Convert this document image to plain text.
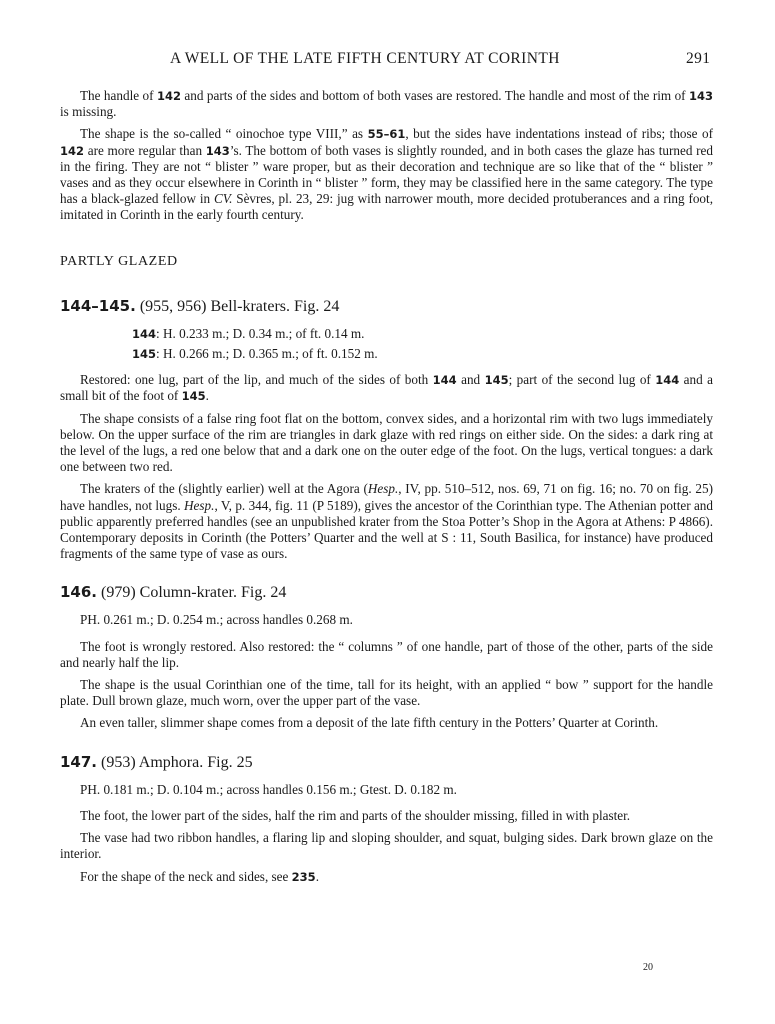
A WELL OF THE LATE FIFTH CENTURY AT CORINTH	291

The handle of 142 and parts of the sides and bottom of both vases are restored. The handle and most of the rim of 143 is missing.

The shape is the so-called “ oinochoe type VIII,” as 55–61, but the sides have indentations instead of ribs; those of 142 are more regular than 143’s. The bottom of both vases is slightly rounded, and in both cases the glaze has turned red in the firing. They are not “ blister ” ware proper, but as their decoration and technique are so like that of the “ blister ” vases and as they occur elsewhere in Corinth in “ blister ” form, they may be classified here in the same category. The type has a black-glazed fellow in CV. Sèvres, pl. 23, 29: jug with narrower mouth, more decided protuberances and a ring foot, imitated in Corinth in the early fourth century.

PARTLY GLAZED
144–145. (955, 956) Bell-kraters. Fig. 24

144: H. 0.233 m.; D. 0.34 m.; of ft. 0.14 m.

145: H. 0.266 m.; D. 0.365 m.; of ft. 0.152 m.

Restored: one lug, part of the lip, and much of the sides of both 144 and 145; part of the second lug of 144 and a small bit of the foot of 145.

The shape consists of a false ring foot flat on the bottom, convex sides, and a horizontal rim with two lugs immediately below. On the upper surface of the rim are triangles in dark glaze with red rings on either side. On the sides: a dark ring at the level of the lugs, a red one below that and a dark one on the outer edge of the foot. On the lugs, vertical tongues: a dark one between two red.

The kraters of the (slightly earlier) well at the Agora (Hesp., IV, pp. 510–512, nos. 69, 71 on fig. 16; no. 70 on fig. 25) have handles, not lugs. Hesp., V, p. 344, fig. 11 (P 5189), gives the ancestor of the Corinthian type. The Athenian potter and public apparently preferred handles (see an unpublished krater from the Stoa Potter’s Shop in the Agora at Athens: P 4866). Contemporary deposits in Corinth (the Potters’ Quarter and the well at S : 11, South Basilica, for instance) have produced fragments of the same type of vase as ours.

146. (979) Column-krater. Fig. 24

PH. 0.261 m.; D. 0.254 m.; across handles 0.268 m.

The foot is wrongly restored. Also restored: the “ columns ” of one handle, part of those of the other, parts of the side and nearly half the lip.

The shape is the usual Corinthian one of the time, tall for its height, with an applied “ bow ” support for the handle plate. Dull brown glaze, much worn, over the upper part of the vase.

An even taller, slimmer shape comes from a deposit of the late fifth century in the Potters’ Quarter at Corinth.

147. (953) Amphora. Fig. 25

PH. 0.181 m.; D. 0.104 m.; across handles 0.156 m.; Gtest. D. 0.182 m.

The foot, the lower part of the sides, half the rim and parts of the shoulder missing, filled in with plaster.

The vase had two ribbon handles, a flaring lip and sloping shoulder, and squat, bulging sides. Dark brown glaze on the interior.

For the shape of the neck and sides, see 235.

20
